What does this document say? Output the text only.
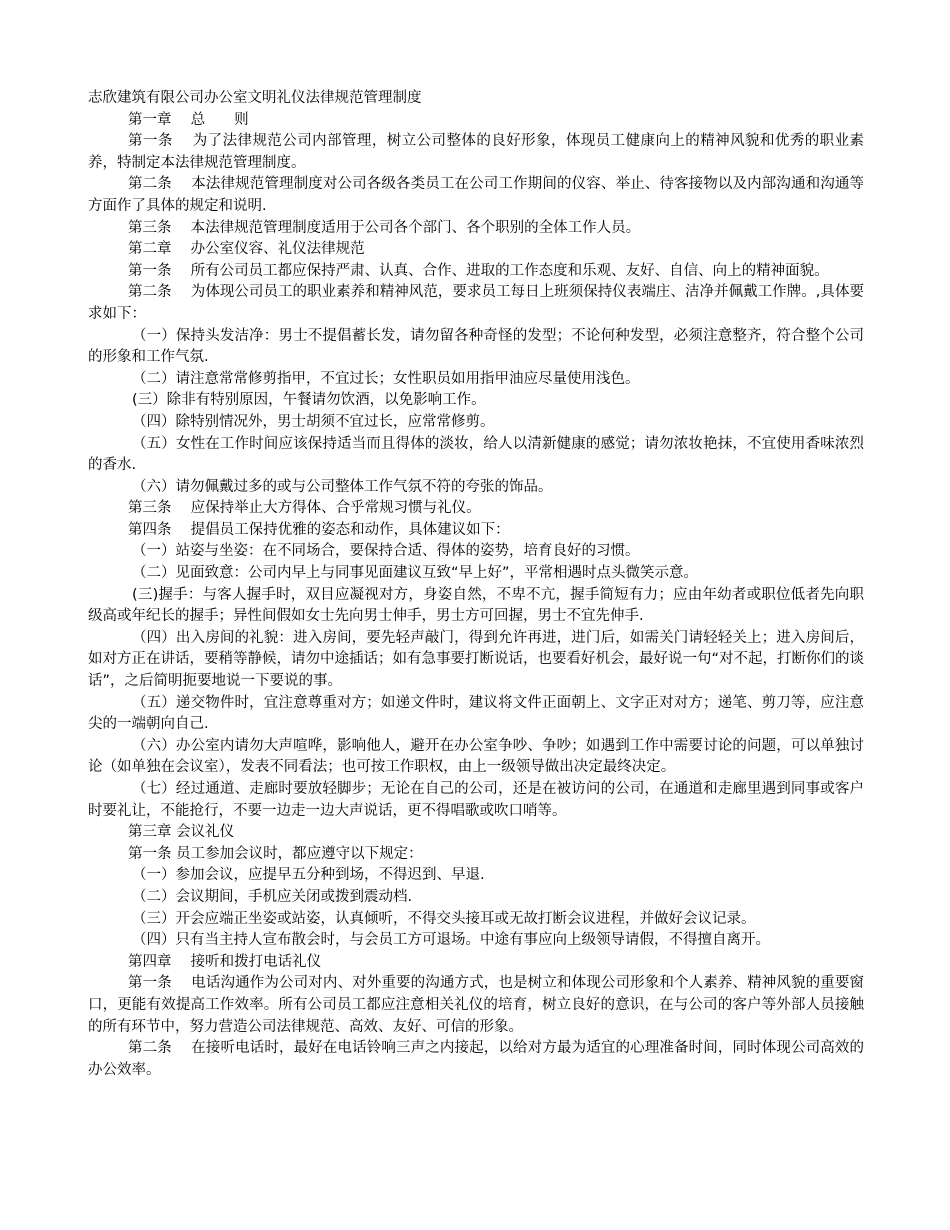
志欣建筑有限公司办公室文明礼仪法律规范管理制度

第一章　 总　　则

第一条　 为了法律规范公司内部管理，树立公司整体的良好形象，体现员工健康向上的精神风貌和优秀的职业素养，特制定本法律规范管理制度。

第二条　 本法律规范管理制度对公司各级各类员工在公司工作期间的仪容、举止、待客接物以及内部沟通和沟通等方面作了具体的规定和说明.

第三条　 本法律规范管理制度适用于公司各个部门、各个职别的全体工作人员。

第二章　 办公室仪容、礼仪法律规范

第一条　 所有公司员工都应保持严肃、认真、合作、进取的工作态度和乐观、友好、自信、向上的精神面貌。

第二条　 为体现公司员工的职业素养和精神风范，要求员工每日上班须保持仪表端庄、洁净并佩戴工作牌。,具体要求如下：

（一）保持头发洁净：男士不提倡蓄长发，请勿留各种奇怪的发型；不论何种发型，必须注意整齐，符合整个公司的形象和工作气氛.

（二）请注意常常修剪指甲，不宜过长；女性职员如用指甲油应尽量使用浅色。

(三）除非有特别原因，午餐请勿饮酒，以免影响工作。

（四）除特别情况外，男士胡须不宜过长，应常常修剪。

（五）女性在工作时间应该保持适当而且得体的淡妆，给人以清新健康的感觉；请勿浓妆艳抹，不宜使用香味浓烈的香水.

（六）请勿佩戴过多的或与公司整体工作气氛不符的夸张的饰品。

第三条　 应保持举止大方得体、合乎常规习惯与礼仪。

第四条　 提倡员工保持优雅的姿态和动作，具体建议如下：

（一）站姿与坐姿：在不同场合，要保持合适、得体的姿势，培育良好的习惯。

（二）见面致意：公司内早上与同事见面建议互致“早上好”，平常相遇时点头微笑示意。

(三)握手：与客人握手时，双目应凝视对方，身姿自然，不卑不亢，握手简短有力；应由年幼者或职位低者先向职级高或年纪长的握手；异性间假如女士先向男士伸手，男士方可回握，男士不宜先伸手.

（四）出入房间的礼貌：进入房间，要先轻声敲门，得到允许再进，进门后，如需关门请轻轻关上；进入房间后，如对方正在讲话，要稍等静候，请勿中途插话；如有急事要打断说话，也要看好机会，最好说一句“对不起，打断你们的谈话”，之后简明扼要地说一下要说的事。

（五）递交物件时，宜注意尊重对方；如递文件时，建议将文件正面朝上、文字正对对方；递笔、剪刀等，应注意尖的一端朝向自己.

（六）办公室内请勿大声喧哗，影响他人，避开在办公室争吵、争吵；如遇到工作中需要讨论的问题，可以单独讨论（如单独在会议室），发表不同看法；也可按工作职权，由上一级领导做出决定最终决定。

（七）经过通道、走廊时要放轻脚步；无论在自己的公司，还是在被访问的公司，在通道和走廊里遇到同事或客户时要礼让，不能抢行，不要一边走一边大声说话，更不得唱歌或吹口哨等。

第三章 会议礼仪

第一条 员工参加会议时，都应遵守以下规定：

（一）参加会议，应提早五分种到场，不得迟到、早退.

（二）会议期间，手机应关闭或拨到震动档.

（三）开会应端正坐姿或站姿，认真倾听，不得交头接耳或无故打断会议进程，并做好会议记录。

（四）只有当主持人宣布散会时，与会员工方可退场。中途有事应向上级领导请假，不得擅自离开。

第四章　 接听和拨打电话礼仪

第一条　 电话沟通作为公司对内、对外重要的沟通方式，也是树立和体现公司形象和个人素养、精神风貌的重要窗口，更能有效提高工作效率。所有公司员工都应注意相关礼仪的培育，树立良好的意识，在与公司的客户等外部人员接触的所有环节中，努力营造公司法律规范、高效、友好、可信的形象。

第二条　 在接听电话时，最好在电话铃响三声之内接起，以给对方最为适宜的心理准备时间，同时体现公司高效的办公效率。
